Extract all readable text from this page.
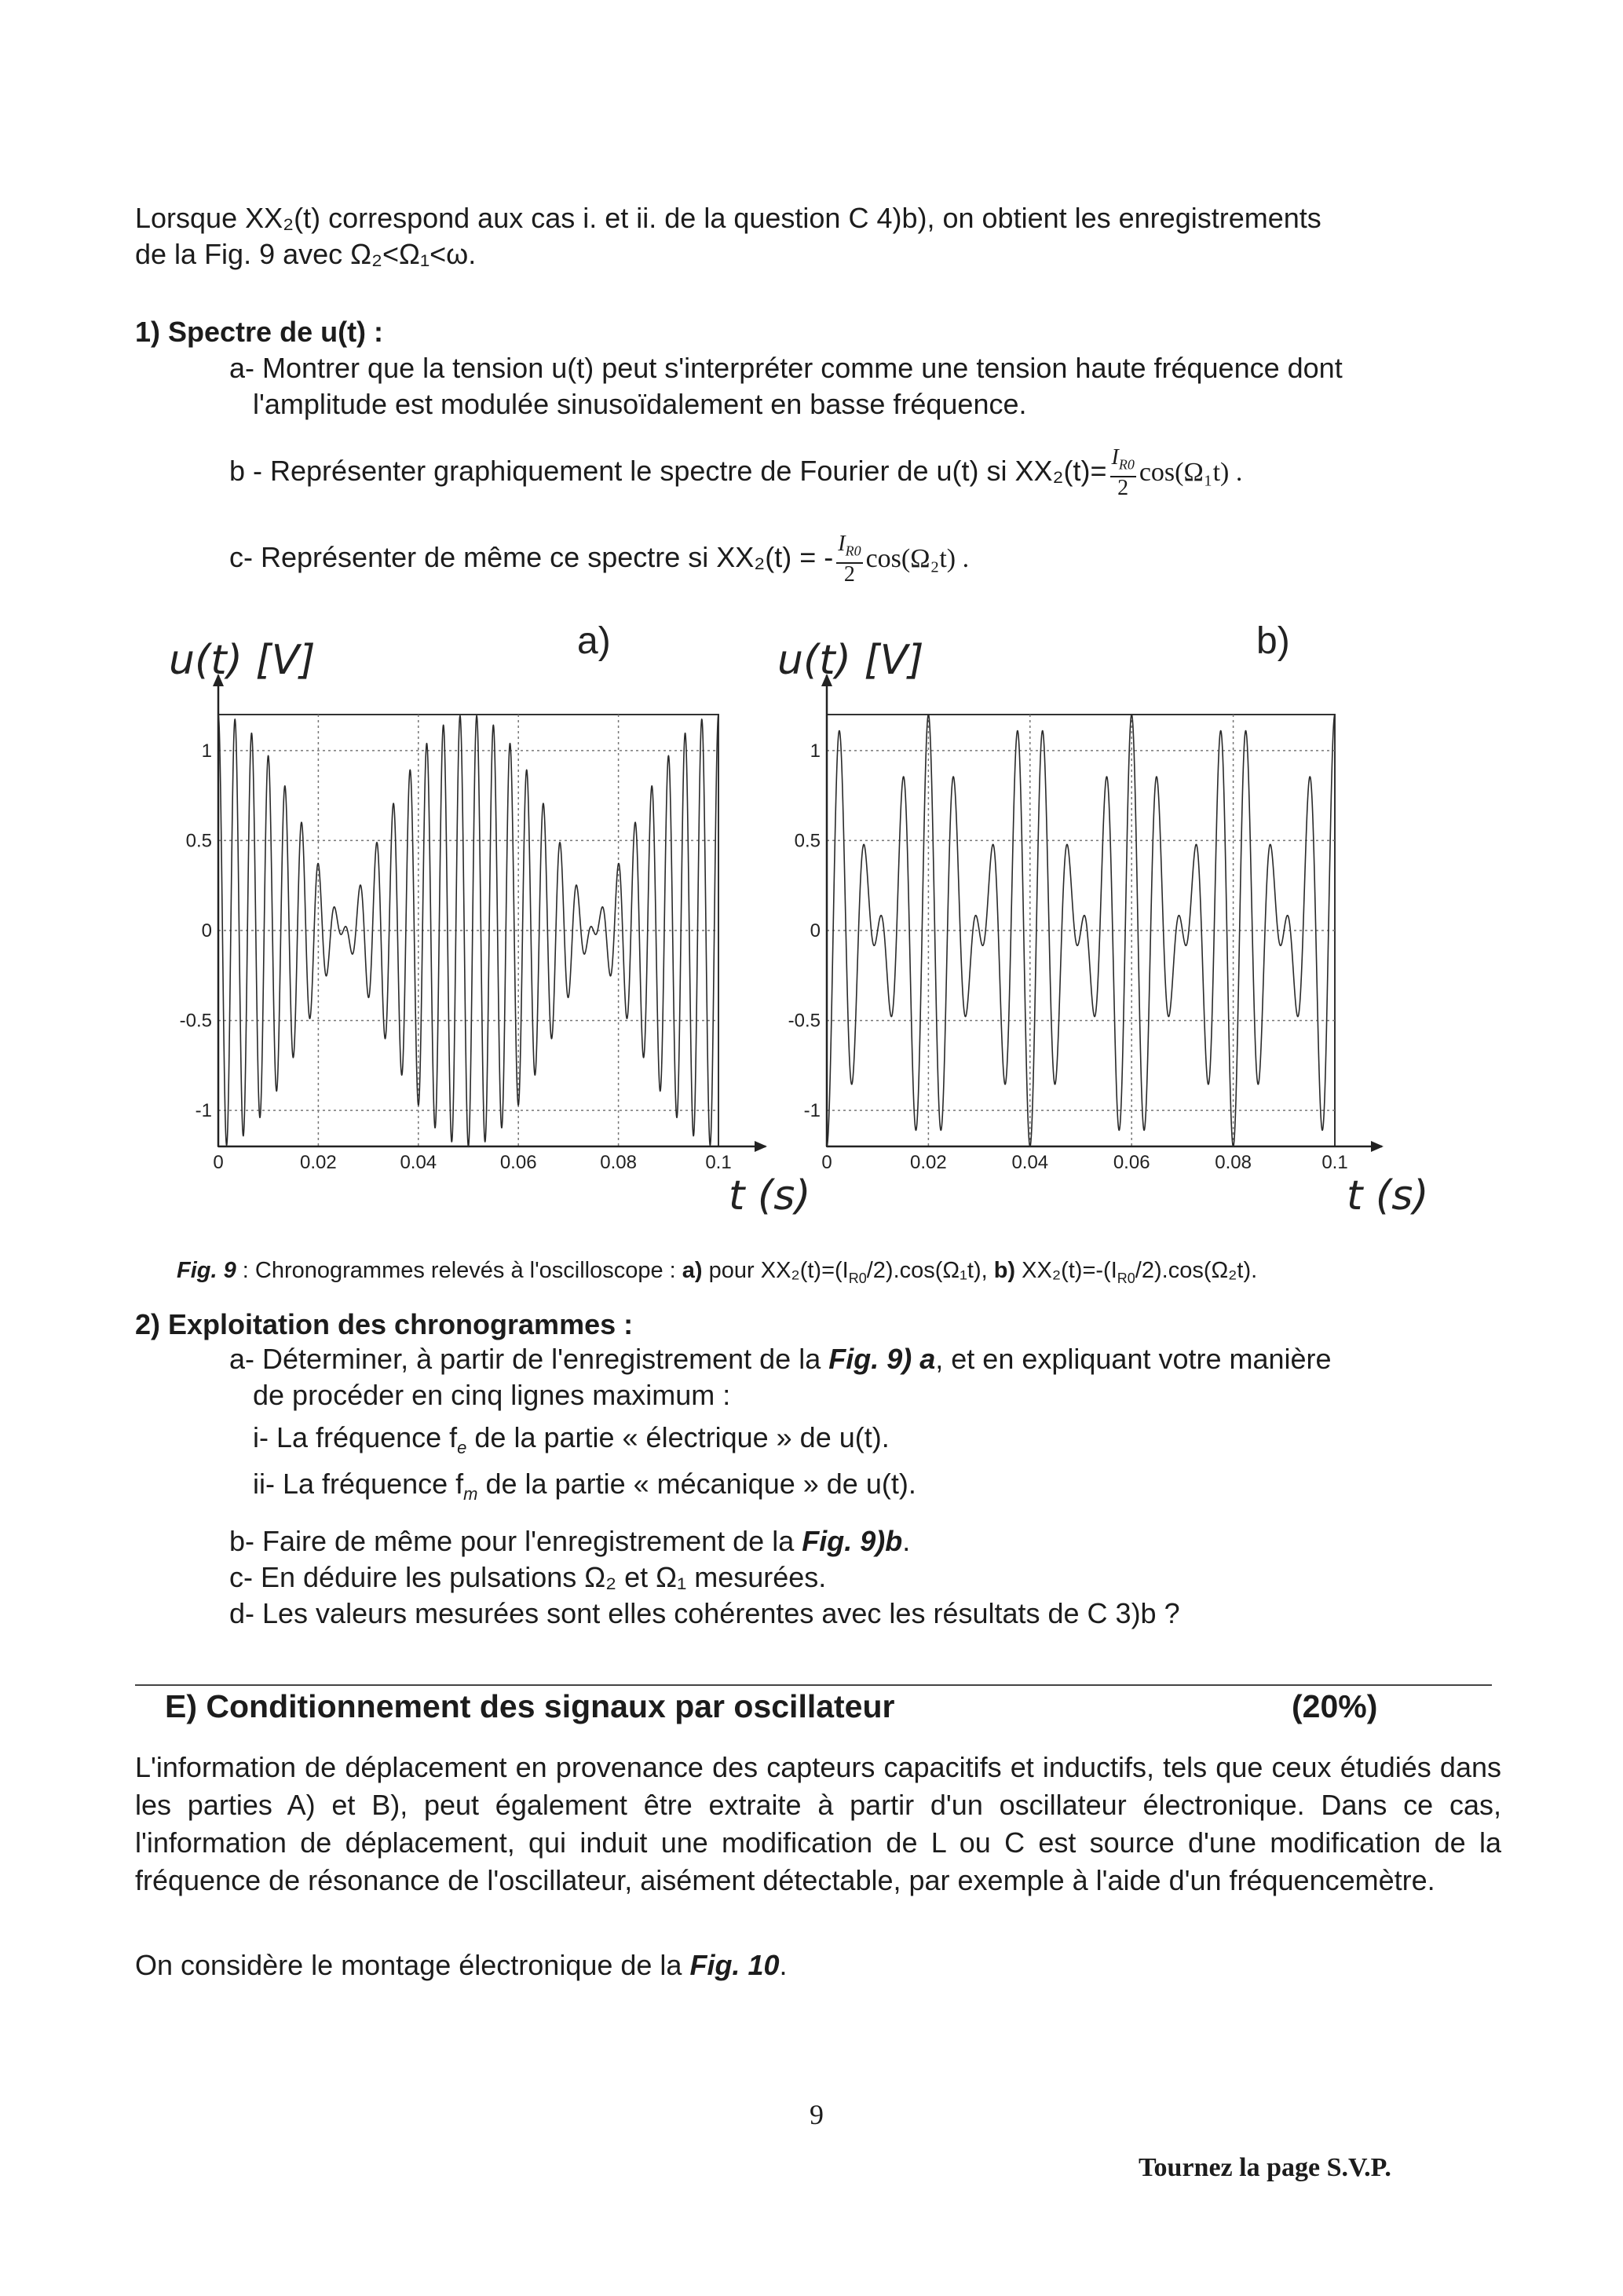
Lorsque XX₂(t) correspond aux cas i. et ii. de la question C 4)b), on obtient les enregistrements
de la Fig. 9 avec Ω₂<Ω₁<ω.
1) Spectre de u(t) :
a- Montrer que la tension u(t) peut s'interpréter comme une tension haute fréquence dont
l'amplitude est modulée sinusoïdalement en basse fréquence.
b - Représenter graphiquement le spectre de Fourier de u(t) si $XX_2(t)= \frac{I_{R0}}{2} \cos(\Omega_1t)$ .
c- Représenter de même ce spectre si XX₂(t) = - $\frac{I_{R0}}{2} \cos(\Omega_2t)$ .
0	0.02	0.04	0.06	0.08	0.1
1
0.5
0
-0.5
-1
u(t) [V]
t (s)
a)
0	0.02	0.04	0.06	0.08	0.1
1
0.5
0
-0.5
-1
u(t) [V]
t (s)
b)
Fig. 9 : Chronogrammes relevés à l'oscilloscope : a) pour $XX_2(t)=(I_{R0}/2).\cos(\Omega_1t)$, b) $XX_2(t)=-(I_{R0}/2).\cos(\Omega_2t)$.
2) Exploitation des chronogrammes :
a- Déterminer, à partir de l'enregistrement de la Fig. 9) a, et en expliquant votre manière
de procéder en cinq lignes maximum :
i- La fréquence $f_e$ de la partie « électrique » de u(t).
ii- La fréquence $f_m$ de la partie « mécanique » de u(t).
b- Faire de même pour l'enregistrement de la Fig. 9)b.
c- En déduire les pulsations Ω₂ et Ω₁ mesurées.
d- Les valeurs mesurées sont elles cohérentes avec les résultats de C 3)b ?
E) Conditionnement des signaux par oscillateur	(20%)
L'information de déplacement en provenance des capteurs capacitifs et inductifs, tels que ceux étudiés dans les parties A) et B), peut également être extraite à partir d'un oscillateur électronique. Dans ce cas, l'information de déplacement, qui induit une modification de L ou C est source d'une modification de la fréquence de résonance de l'oscillateur, aisément détectable, par exemple à l'aide d'un fréquencemètre.
On considère le montage électronique de la Fig. 10.
9
Tournez la page S.V.P.
